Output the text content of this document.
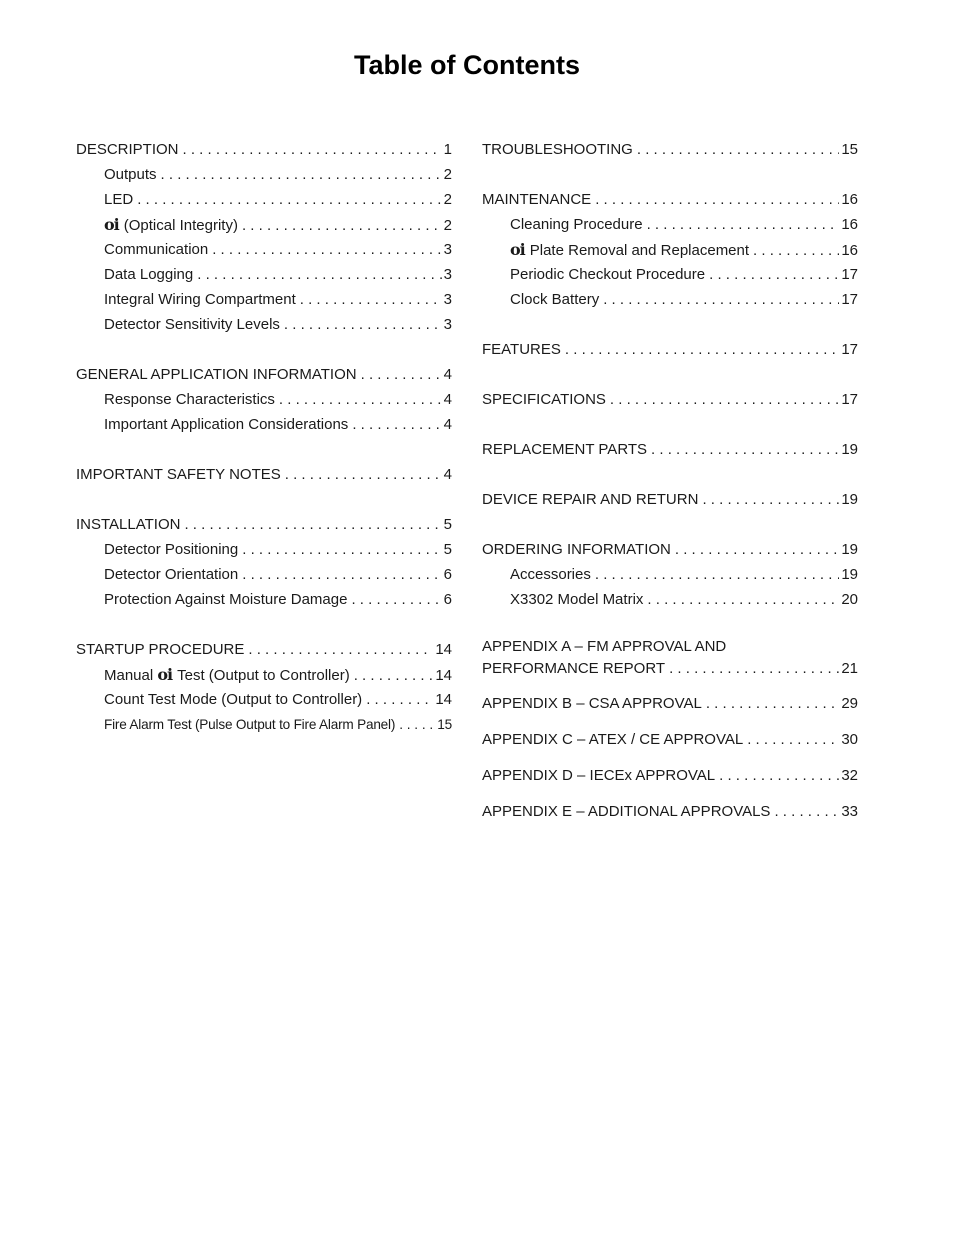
Table of Contents
DESCRIPTION . . .	1
Outputs . . .	2
LED . . .	2
oi (Optical Integrity) . . .	2
Communication . . .	3
Data Logging . . .	3
Integral Wiring Compartment . . .	3
Detector Sensitivity Levels . . .	3
GENERAL APPLICATION INFORMATION . . .	4
Response Characteristics . . .	4
Important Application Considerations . . .	4
IMPORTANT SAFETY NOTES . . .	4
INSTALLATION . . .	5
Detector Positioning . . .	5
Detector Orientation . . .	6
Protection Against Moisture Damage . . .	6
STARTUP PROCEDURE . . .	14
Manual oi Test (Output to Controller) . . .	14
Count Test Mode (Output to Controller) . . .	14
Fire Alarm Test (Pulse Output to Fire Alarm Panel) . . .	15
TROUBLESHOOTING . . .	15
MAINTENANCE . . .	16
Cleaning Procedure . . .	16
oi Plate Removal and Replacement . . .	16
Periodic Checkout Procedure . . .	17
Clock Battery . . .	17
FEATURES . . .	17
SPECIFICATIONS . . .	17
REPLACEMENT PARTS . . .	19
DEVICE REPAIR AND RETURN . . .	19
ORDERING INFORMATION . . .	19
Accessories . . .	19
X3302 Model Matrix . . .	20
APPENDIX A – FM APPROVAL AND
PERFORMANCE REPORT . . .	21
APPENDIX B – CSA APPROVAL . . .	29
APPENDIX C – ATEX / CE APPROVAL . . .	30
APPENDIX D – IECEx APPROVAL . . .	32
APPENDIX E – ADDITIONAL APPROVALS . . .	33
